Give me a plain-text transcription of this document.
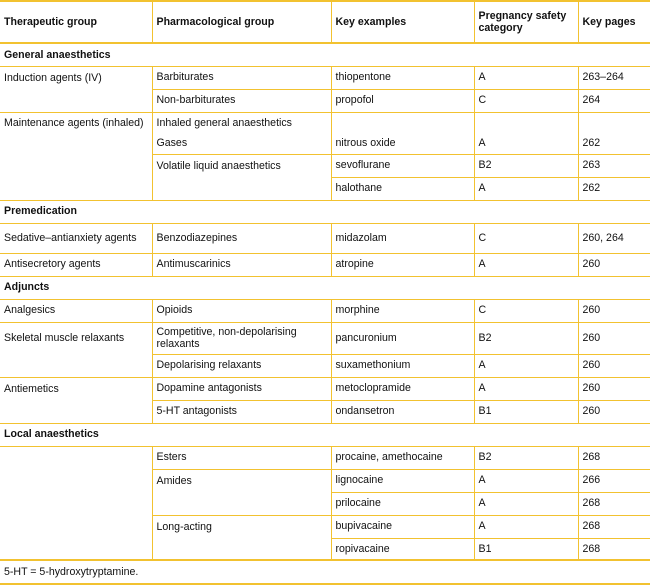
Therapeutic group	Pharmacological group	Key examples	Pregnancy safety category	Key pages
General anaesthetics				
Induction agents (IV)	Barbiturates	thiopentone	A	263–264
	Non-barbiturates	propofol	C	264
Maintenance agents (inhaled)	Inhaled general anaesthetics			
	Gases	nitrous oxide	A	262
	Volatile liquid anaesthetics	sevoflurane	B2	263
		halothane	A	262
Premedication				
Sedative–antianxiety agents	Benzodiazepines	midazolam	C	260, 264
Antisecretory agents	Antimuscarinics	atropine	A	260
Adjuncts				
Analgesics	Opioids	morphine	C	260
Skeletal muscle relaxants	Competitive, non-depolarising relaxants	pancuronium	B2	260
	Depolarising relaxants	suxamethonium	A	260
Antiemetics	Dopamine antagonists	metoclopramide	A	260
	5-HT antagonists	ondansetron	B1	260
Local anaesthetics				
	Esters	procaine, amethocaine	B2	268
	Amides	lignocaine	A	266
		prilocaine	A	268
	Long-acting	bupivacaine	A	268
		ropivacaine	B1	268
5-HT = 5-hydroxytryptamine.				
